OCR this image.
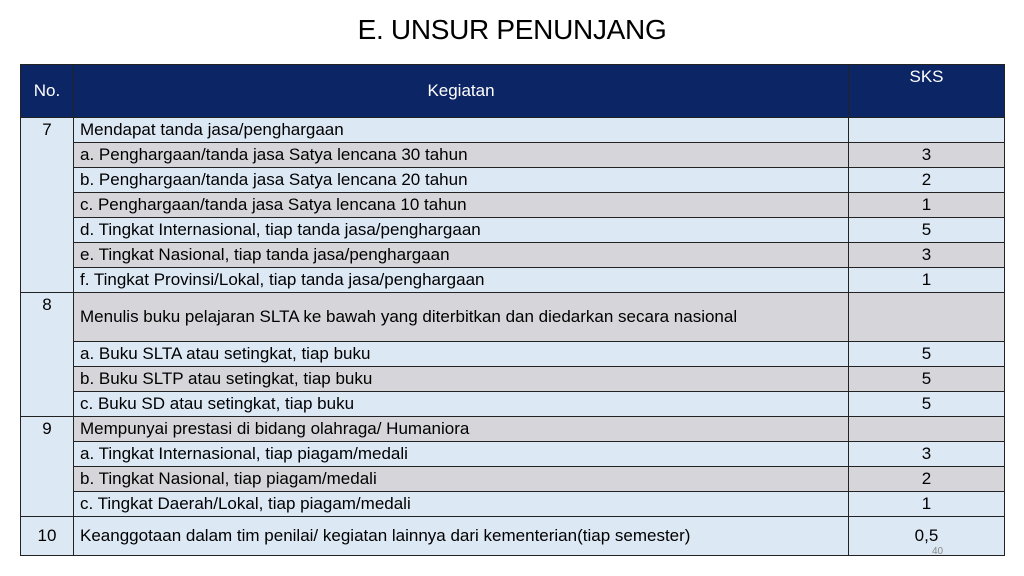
E. UNSUR PENUNJANG
No.	Kegiatan	SKS
7	Mendapat tanda jasa/penghargaan	
	a. Penghargaan/tanda jasa Satya lencana 30 tahun	3
	b. Penghargaan/tanda jasa Satya lencana 20 tahun	2
	c. Penghargaan/tanda jasa Satya lencana 10 tahun	1
	d. Tingkat Internasional, tiap tanda jasa/penghargaan	5
	e. Tingkat Nasional, tiap tanda jasa/penghargaan	3
	f. Tingkat Provinsi/Lokal, tiap tanda jasa/penghargaan	1
8	Menulis buku pelajaran SLTA ke bawah yang diterbitkan dan diedarkan secara nasional	
	a. Buku SLTA atau setingkat, tiap buku	5
	b. Buku SLTP atau setingkat, tiap buku	5
	c. Buku SD atau setingkat, tiap buku	5
9	Mempunyai prestasi di bidang olahraga/ Humaniora	
	a. Tingkat Internasional, tiap piagam/medali	3
	b. Tingkat Nasional, tiap piagam/medali	2
	c. Tingkat Daerah/Lokal, tiap piagam/medali	1
10	Keanggotaan dalam tim penilai/ kegiatan lainnya dari kementerian(tiap semester)	0,5
40
